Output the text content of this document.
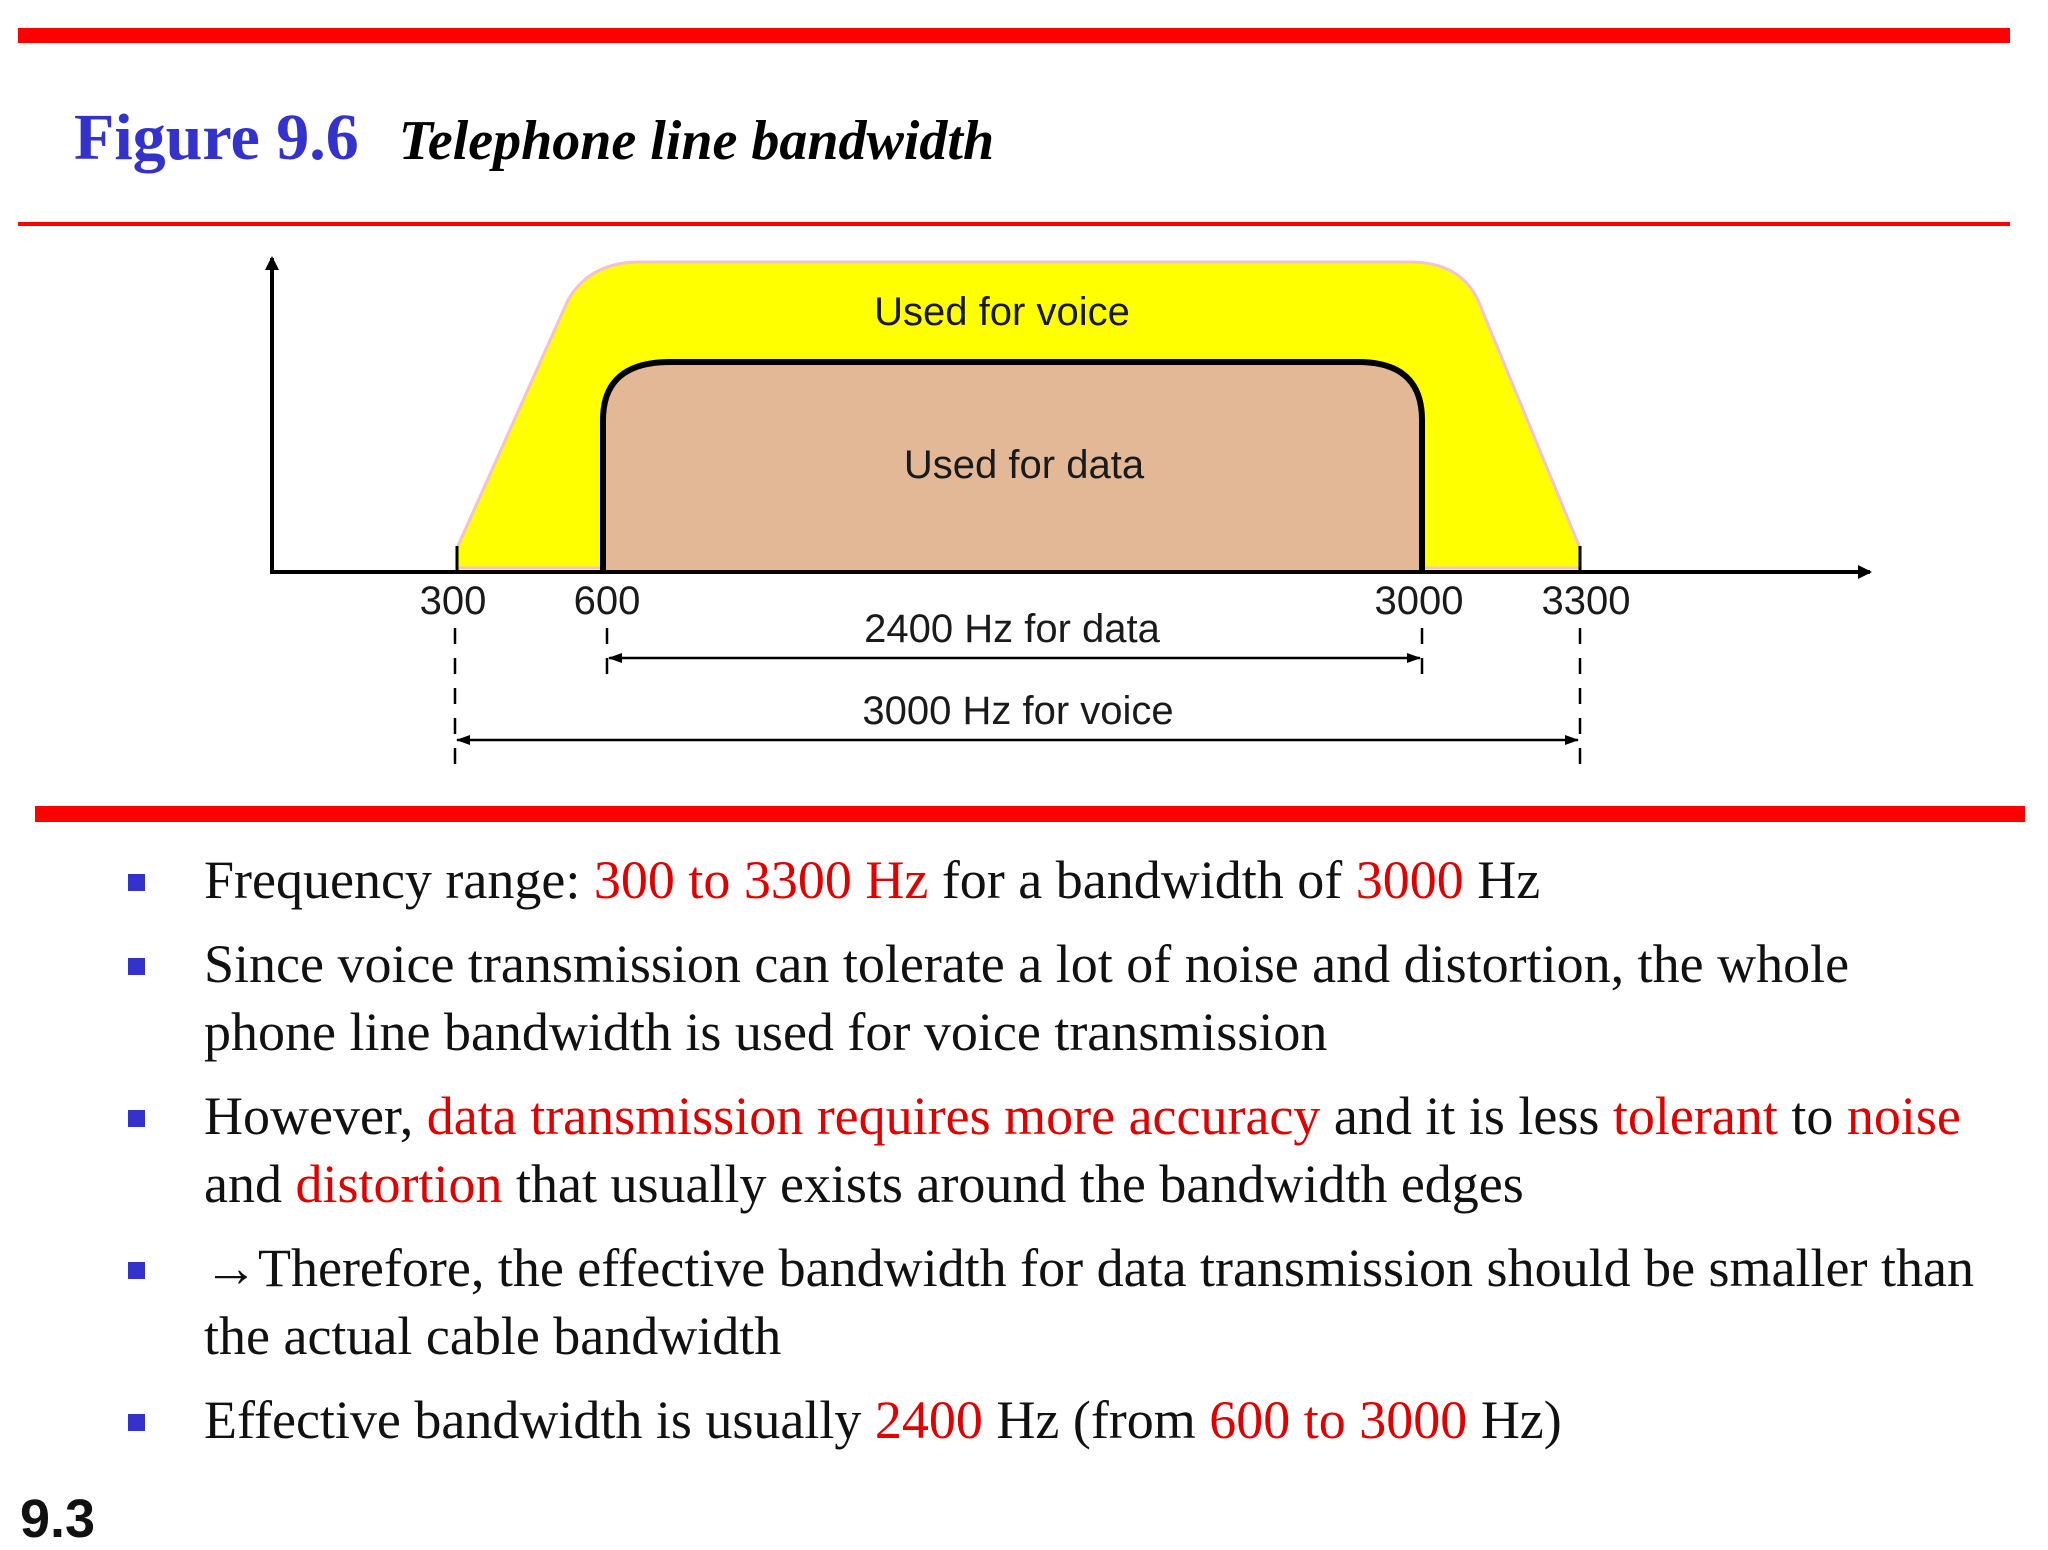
Figure 9.6 Telephone line bandwidth
Used for voice
Used for data
300 600	3000 3300
2400 Hz for data
3000 Hz for voice
Frequency range: 300 to 3300 Hz for a bandwidth of 3000 Hz
Since voice transmission can tolerate a lot of noise and distortion, the whole phone line bandwidth is used for voice transmission
However, data transmission requires more accuracy and it is less tolerant to noise and distortion that usually exists around the bandwidth edges
→Therefore, the effective bandwidth for data transmission should be smaller than the actual cable bandwidth
Effective bandwidth is usually 2400 Hz (from 600 to 3000 Hz)
9.3
